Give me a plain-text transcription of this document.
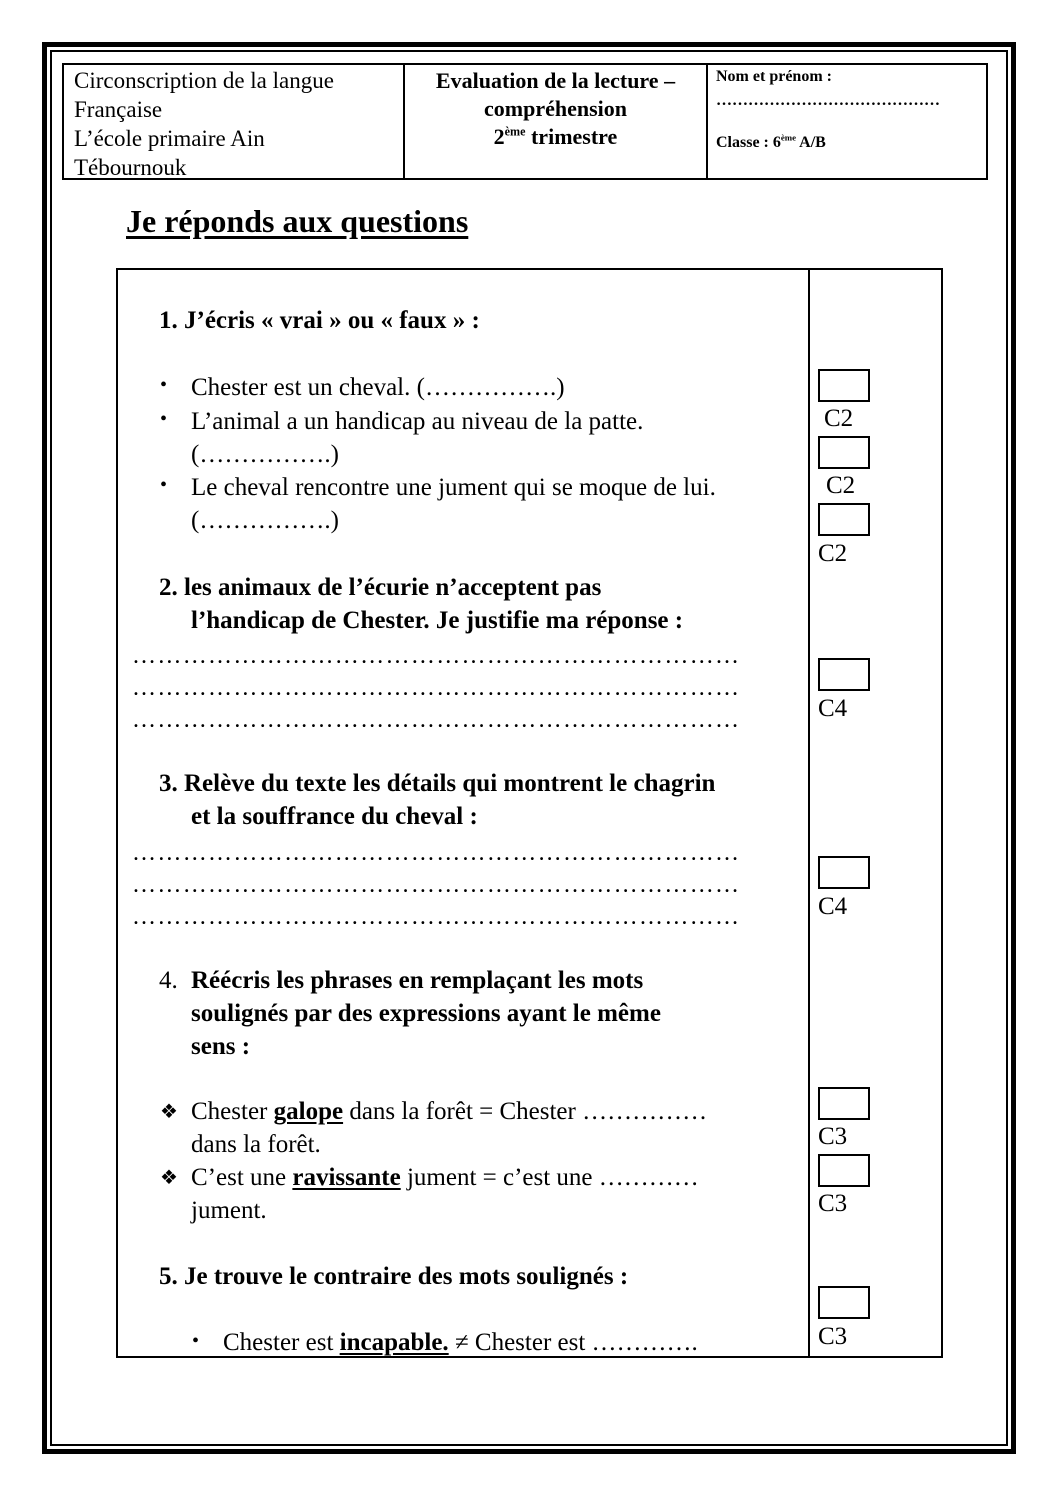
Circonscription de la langue
Française
L’école primaire Ain
Tébournouk
Evaluation de la lecture –
compréhension
2ème trimestre
Nom et prénom :
……………………………………
Classe : 6ème A/B
Je réponds aux questions
1. J’écris « vrai » ou « faux » :
• Chester est un cheval. (…………….)
• L’animal a un handicap au niveau de la patte.
(…………….)
• Le cheval rencontre une jument qui se moque de lui.
(…………….)
2. les animaux de l’écurie n’acceptent pas
l’handicap de Chester. Je justifie ma réponse :
………………………………………………………………
………………………………………………………………
………………………………………………………………
3. Relève du texte les détails qui montrent le chagrin
et la souffrance du cheval :
………………………………………………………………
………………………………………………………………
………………………………………………………………
4. Réécris les phrases en remplaçant les mots
soulignés par des expressions ayant le même
sens :
❖ Chester galope dans la forêt = Chester ……………
dans la forêt.
❖ C’est une ravissante jument = c’est une …………
jument.
5. Je trouve le contraire des mots soulignés :
• Chester est incapable. ≠ Chester est ………….
C2
C2
C2
C4
C4
C3
C3
C3
